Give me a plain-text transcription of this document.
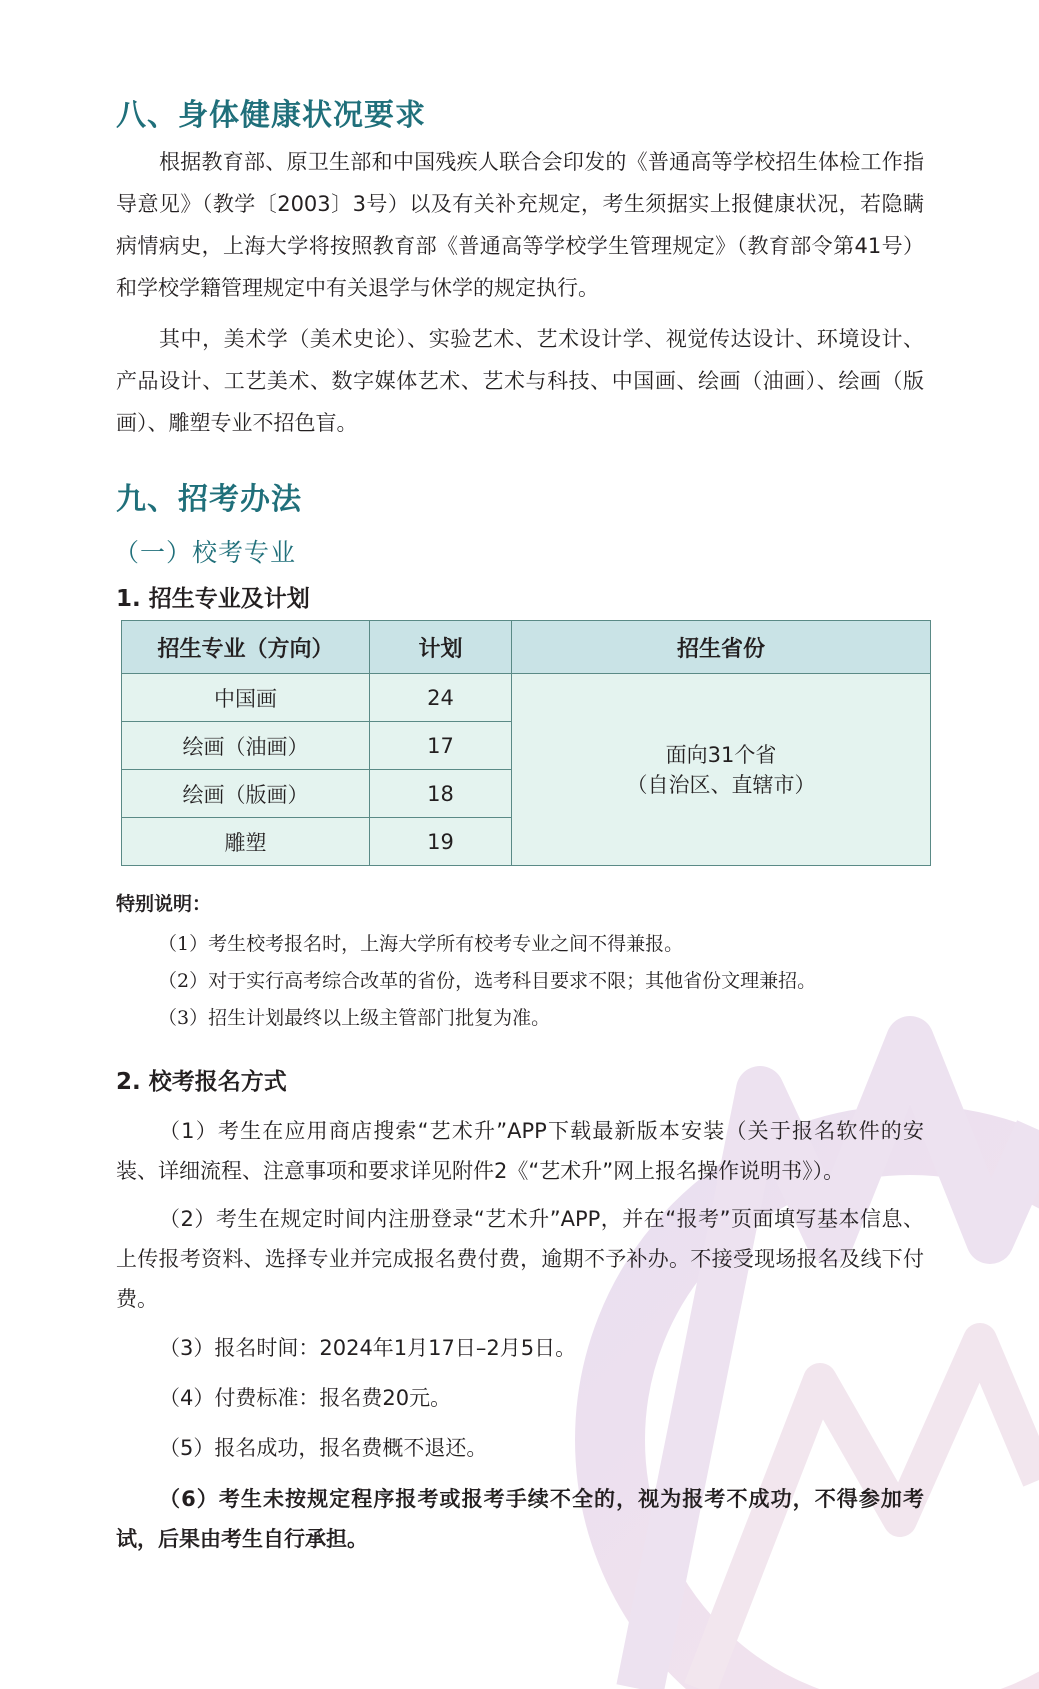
八、身体健康状况要求

根据教育部、原卫生部和中国残疾人联合会印发的《普通高等学校招生体检工作指导意见》（教学〔2003〕3号）以及有关补充规定，考生须据实上报健康状况，若隐瞒病情病史，上海大学将按照教育部《普通高等学校学生管理规定》（教育部令第41号）和学校学籍管理规定中有关退学与休学的规定执行。

其中，美术学（美术史论）、实验艺术、艺术设计学、视觉传达设计、环境设计、产品设计、工艺美术、数字媒体艺术、艺术与科技、中国画、绘画（油画）、绘画（版画）、雕塑专业不招色盲。

九、招考办法
（一）校考专业
1. 招生专业及计划
招生专业（方向）	计划	招生省份
中国画	24	面向31个省
（自治区、直辖市）

绘画（油画）	17	
绘画（版画）	18	
雕塑	19	
特别说明：
（1）考生校考报名时，上海大学所有校考专业之间不得兼报。
（2）对于实行高考综合改革的省份，选考科目要求不限；其他省份文理兼招。
（3）招生计划最终以上级主管部门批复为准。
2. 校考报名方式

（1）考生在应用商店搜索“艺术升”APP下载最新版本安装（关于报名软件的安装、详细流程、注意事项和要求详见附件2《“艺术升”网上报名操作说明书》）。

（2）考生在规定时间内注册登录“艺术升”APP，并在“报考”页面填写基本信息、上传报考资料、选择专业并完成报名费付费，逾期不予补办。不接受现场报名及线下付费。

（3）报名时间：2024年1月17日–2月5日。

（4）付费标准：报名费20元。

（5）报名成功，报名费概不退还。

（6）考生未按规定程序报考或报考手续不全的，视为报考不成功，不得参加考试，后果由考生自行承担。
